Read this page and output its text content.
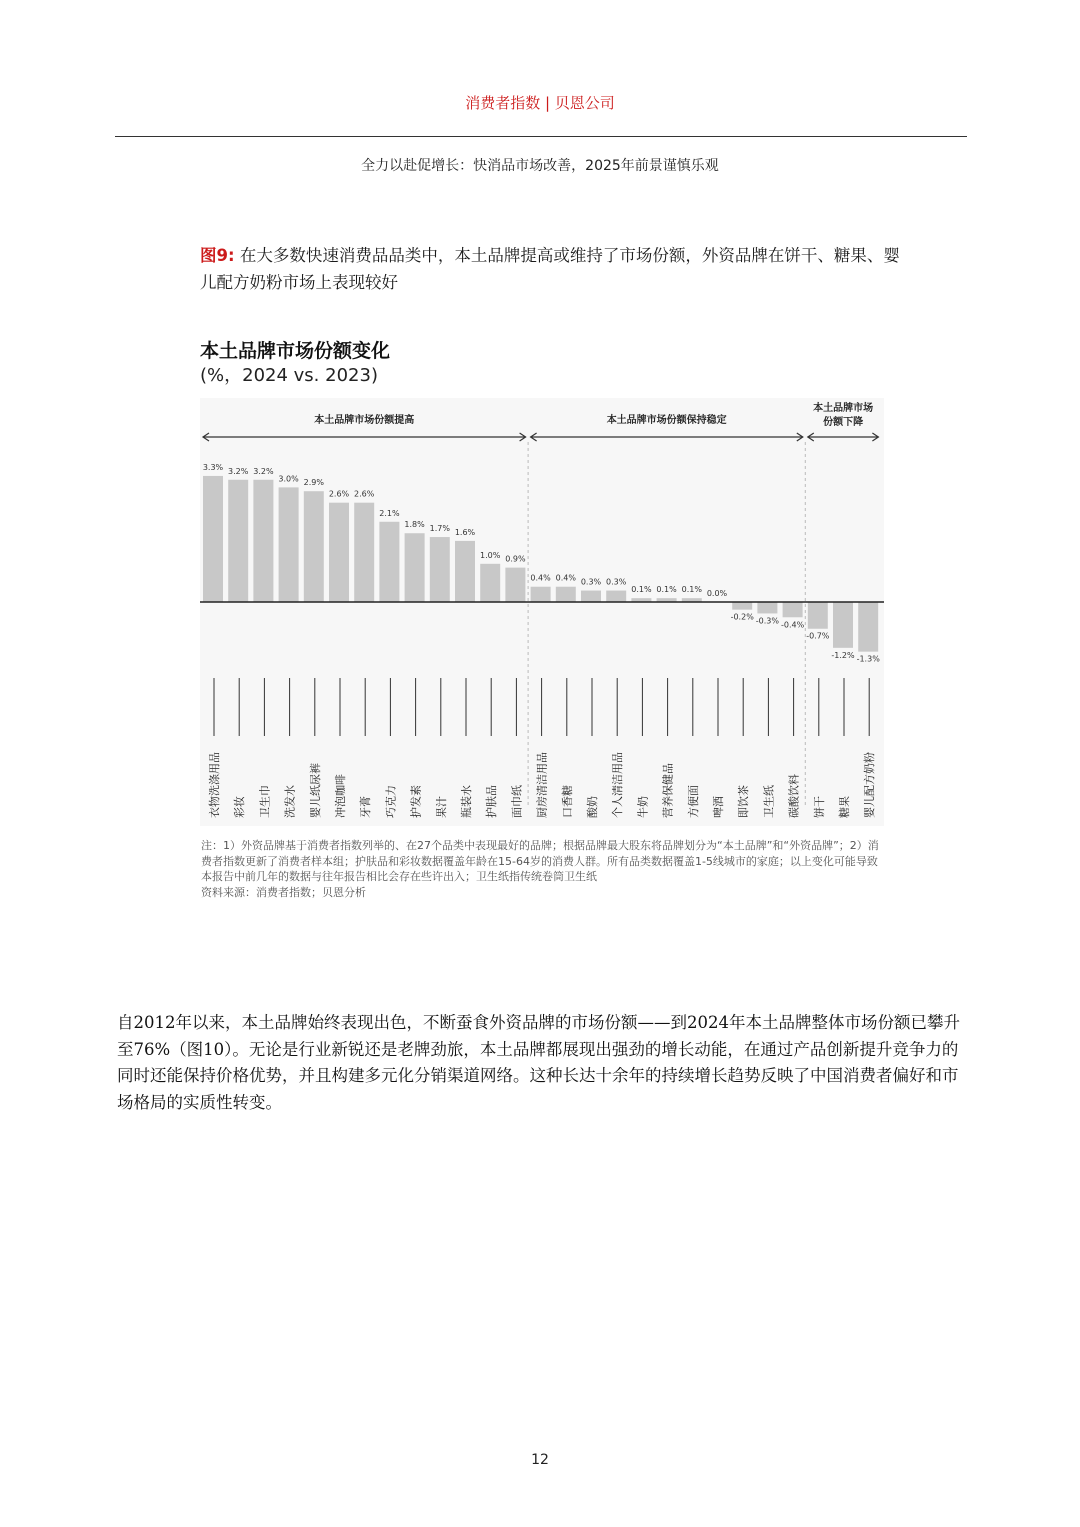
消费者指数 | 贝恩公司
全力以赴促增长：快消品市场改善，2025年前景谨慎乐观
图9: 在大多数快速消费品品类中，本土品牌提高或维持了市场份额，外资品牌在饼干、糖果、婴儿配方奶粉市场上表现较好
本土品牌市场份额变化
(%，2024 vs. 2023)
本土品牌市场份额提高	本土品牌市场份额保持稳定
本土品牌市场
份额下降
3.3% 3.2% 3.2%
3.0% 2.9%
2.6% 2.6%
2.1%
1.8% 1.7% 1.6%
1.0% 0.9%
0.4% 0.4% 0.3% 0.3%
0.1% 0.1% 0.1% 0.0%
-0.2% -0.3% -0.4%
-0.7%
-1.2% -1.3%
衣物洗涤用品 彩妆 卫生巾 洗发水 婴儿纸尿裤 冲泡咖啡 牙膏 巧克力 护发素 果汁 瓶装水 护肤品 面巾纸 厨房清洁用品 口香糖 酸奶 个人清洁用品 牛奶 营养保健品 方便面 啤酒 即饮茶 卫生纸 碳酸饮料 饼干 糖果 婴儿配方奶粉
注：1）外资品牌基于消费者指数列举的、在27个品类中表现最好的品牌；根据品牌最大股东将品牌划分为“本土品牌”和“外资品牌”；2）消费者指数更新了消费者样本组；护肤品和彩妆数据覆盖年龄在15-64岁的消费人群。所有品类数据覆盖1-5线城市的家庭；以上变化可能导致本报告中前几年的数据与往年报告相比会存在些许出入；卫生纸指传统卷筒卫生纸
资料来源：消费者指数；贝恩分析
自2012年以来，本土品牌始终表现出色，不断蚕食外资品牌的市场份额——到2024年本土品牌整体市场份额已攀升至76%（图10）。无论是行业新锐还是老牌劲旅，本土品牌都展现出强劲的增长动能，在通过产品创新提升竞争力的同时还能保持价格优势，并且构建多元化分销渠道网络。这种长达十余年的持续增长趋势反映了中国消费者偏好和市场格局的实质性转变。
12
